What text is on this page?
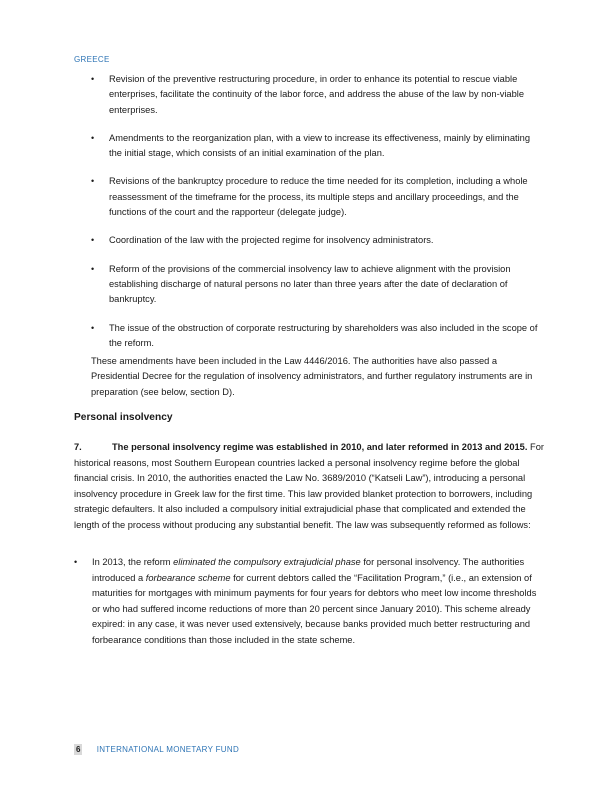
GREECE
• Revision of the preventive restructuring procedure, in order to enhance its potential to rescue viable enterprises, facilitate the continuity of the labor force, and address the abuse of the law by non-viable enterprises.
• Amendments to the reorganization plan, with a view to increase its effectiveness, mainly by eliminating the initial stage, which consists of an initial examination of the plan.
• Revisions of the bankruptcy procedure to reduce the time needed for its completion, including a whole reassessment of the timeframe for the process, its multiple steps and ancillary proceedings, and the functions of the court and the rapporteur (delegate judge).
• Coordination of the law with the projected regime for insolvency administrators.
• Reform of the provisions of the commercial insolvency law to achieve alignment with the provision establishing discharge of natural persons no later than three years after the date of declaration of bankruptcy.
• The issue of the obstruction of corporate restructuring by shareholders was also included in the scope of the reform.

These amendments have been included in the Law 4446/2016. The authorities have also passed a Presidential Decree for the regulation of insolvency administrators, and further regulatory instruments are in preparation (see below, section D).

Personal insolvency

7.	The personal insolvency regime was established in 2010, and later reformed in 2013 and 2015. For historical reasons, most Southern European countries lacked a personal insolvency regime before the global financial crisis. In 2010, the authorities enacted the Law No. 3689/2010 (“Katseli Law”), introducing a personal insolvency procedure in Greek law for the first time. This law provided blanket protection to borrowers, including strategic defaulters. It also included a compulsory initial extrajudicial phase that complicated and extended the length of the process without producing any substantial benefit. The law was subsequently reformed as follows:

• In 2013, the reform eliminated the compulsory extrajudicial phase for personal insolvency. The authorities introduced a forbearance scheme for current debtors called the “Facilitation Program,” (i.e., an extension of maturities for mortgages with minimum payments for four years for debtors who meet low income thresholds or who had suffered income reductions of more than 20 percent since January 2010). This scheme already expired: in any case, it was never used extensively, because banks provided much better restructuring and forbearance conditions than those included in the state scheme.
6 INTERNATIONAL MONETARY FUND
